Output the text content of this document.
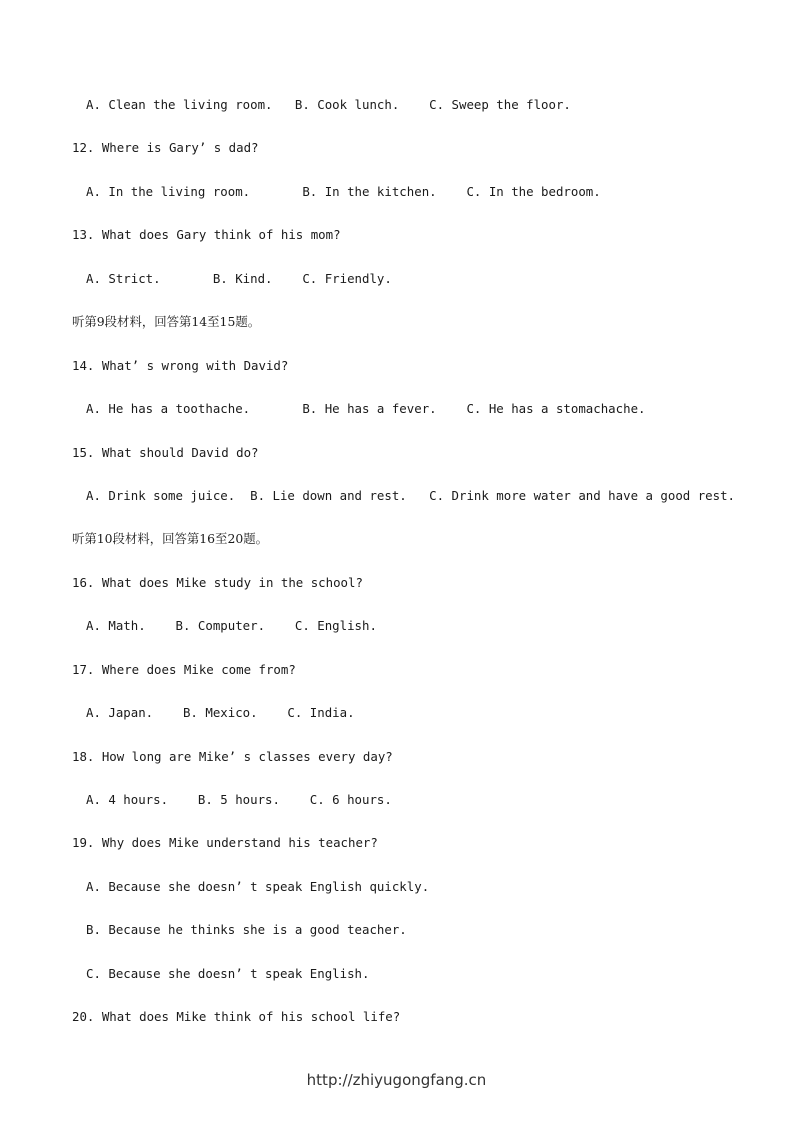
A. Clean the living room.   B. Cook lunch.    C. Sweep the floor.
12. Where is Gary’ s dad?
A. In the living room.       B. In the kitchen.    C. In the bedroom.
13. What does Gary think of his mom?
A. Strict.       B. Kind.    C. Friendly.
听第9段材料，回答第14至15题。
14. What’ s wrong with David?
A. He has a toothache.       B. He has a fever.    C. He has a stomachache.
15. What should David do?
A. Drink some juice.  B. Lie down and rest.   C. Drink more water and have a good rest.
听第10段材料，回答第16至20题。
16. What does Mike study in the school?
A. Math.    B. Computer.    C. English.
17. Where does Mike come from?
A. Japan.    B. Mexico.    C. India.
18. How long are Mike’ s classes every day?
A. 4 hours.    B. 5 hours.    C. 6 hours.
19. Why does Mike understand his teacher?
A. Because she doesn’ t speak English quickly.
B. Because he thinks she is a good teacher.
C. Because she doesn’ t speak English.
20. What does Mike think of his school life?
http://zhiyugongfang.cn
